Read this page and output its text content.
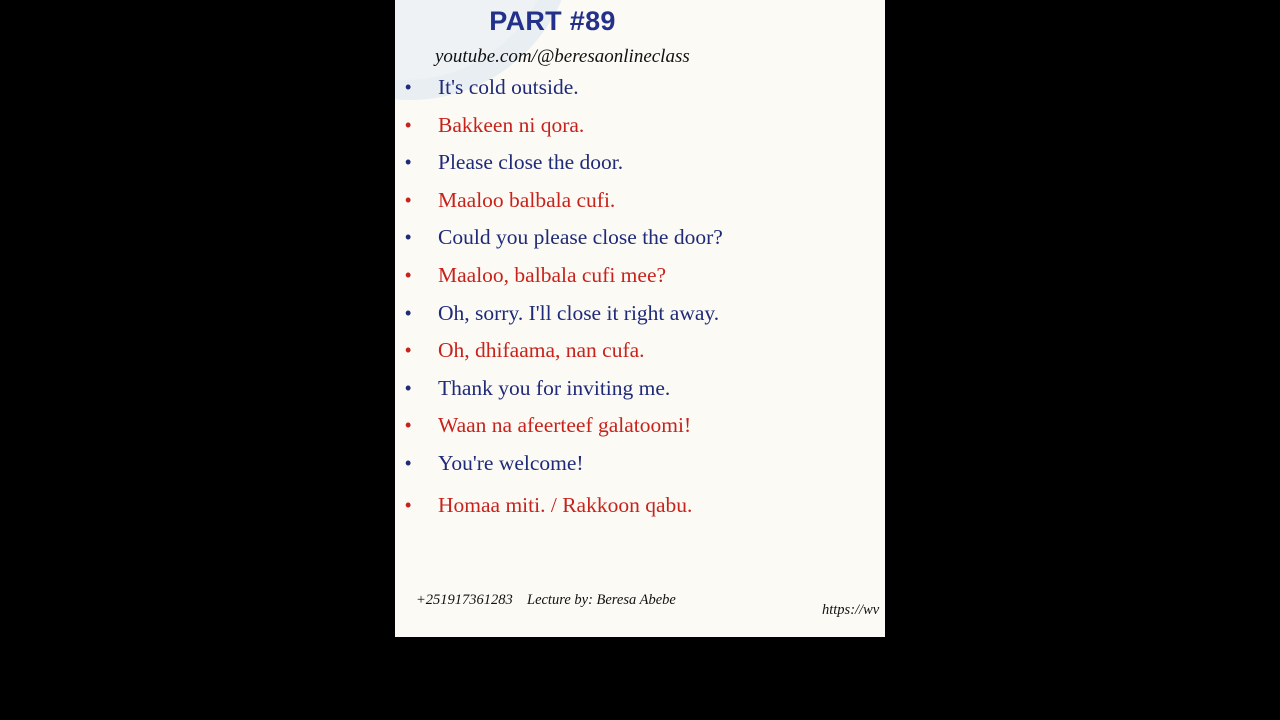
PART #89
youtube.com/@beresaonlineclass
• It's cold outside.
• Bakkeen ni qora.
• Please close the door.
• Maaloo balbala cufi.
• Could you please close the door?
• Maaloo, balbala cufi mee?
• Oh, sorry. I'll close it right away.
• Oh, dhifaama, nan cufa.
• Thank you for inviting me.
• Waan na afeerteef galatoomi!
• You're welcome!
• Homaa miti. / Rakkoon qabu.
+251917361283 Lecture by: Beresa Abebe
https://wv
